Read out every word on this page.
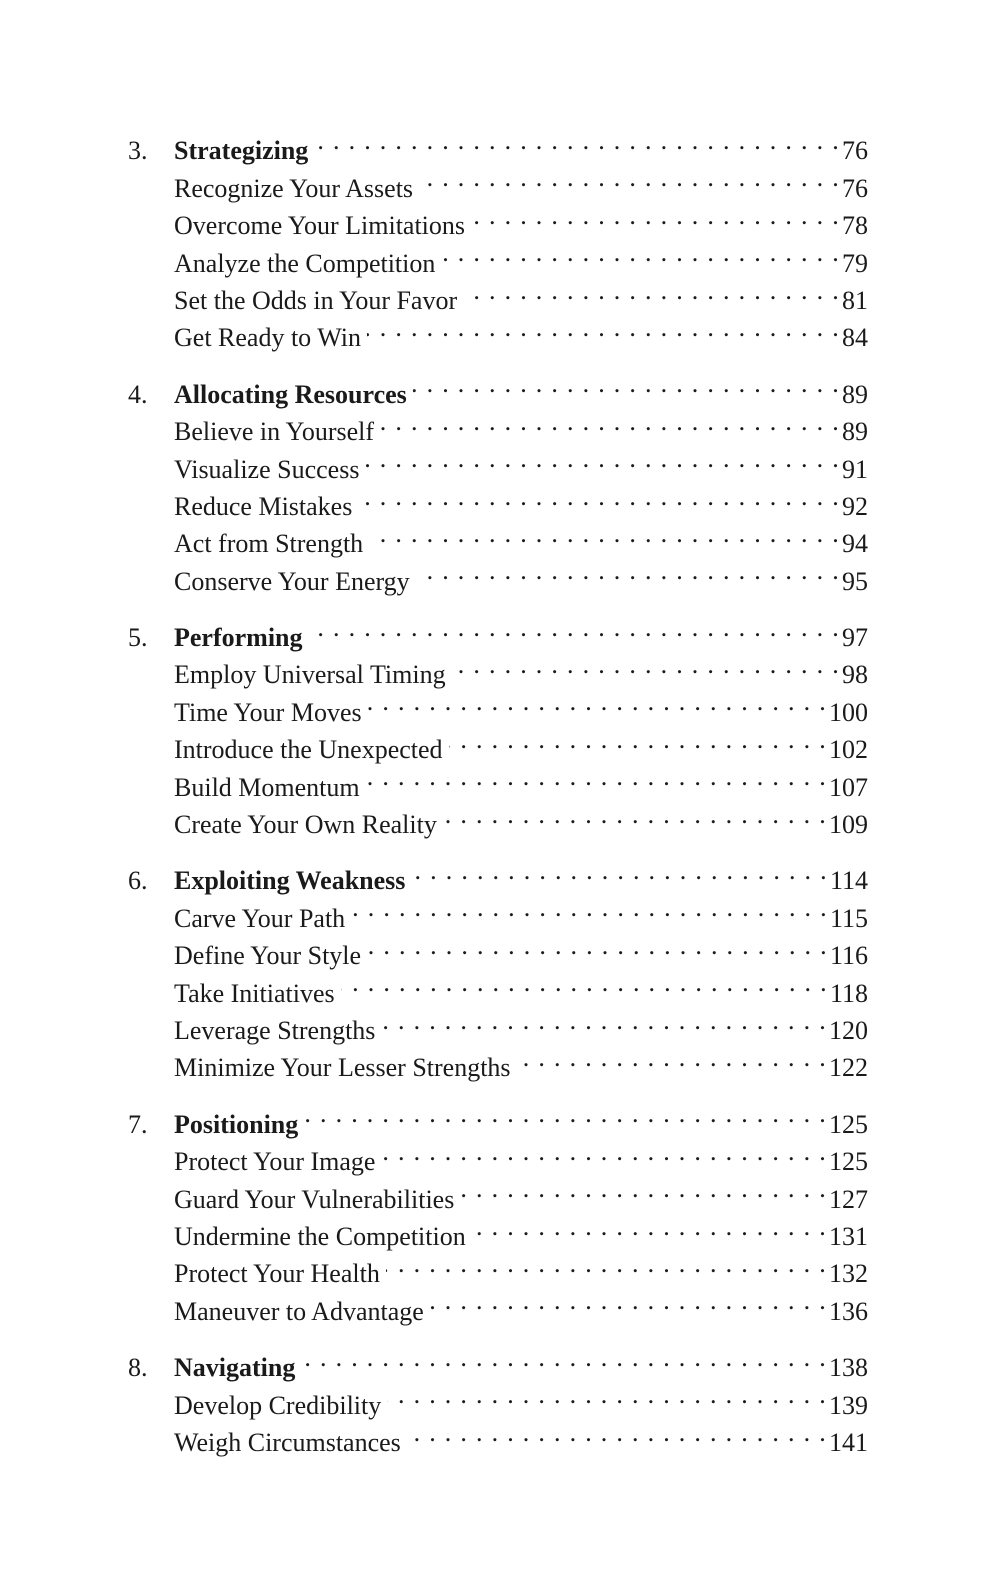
3.	Strategizing . . .	76
Recognize Your Assets . . .	76
Overcome Your Limitations . . .	78
Analyze the Competition . . .	79
Set the Odds in Your Favor . . .	81
Get Ready to Win . . .	84
4.	Allocating Resources . . .	89
Believe in Yourself . . .	89
Visualize Success . . .	91
Reduce Mistakes . . .	92
Act from Strength . . .	94
Conserve Your Energy . . .	95
5.	Performing . . .	97
Employ Universal Timing . . .	98
Time Your Moves . . .	100
Introduce the Unexpected . . .	102
Build Momentum . . .	107
Create Your Own Reality . . .	109
6.	Exploiting Weakness . . .	114
Carve Your Path . . .	115
Define Your Style . . .	116
Take Initiatives . . .	118
Leverage Strengths . . .	120
Minimize Your Lesser Strengths . . .	122
7.	Positioning . . .	125
Protect Your Image . . .	125
Guard Your Vulnerabilities . . .	127
Undermine the Competition . . .	131
Protect Your Health . . .	132
Maneuver to Advantage . . .	136
8.	Navigating . . .	138
Develop Credibility . . .	139
Weigh Circumstances . . .	141
